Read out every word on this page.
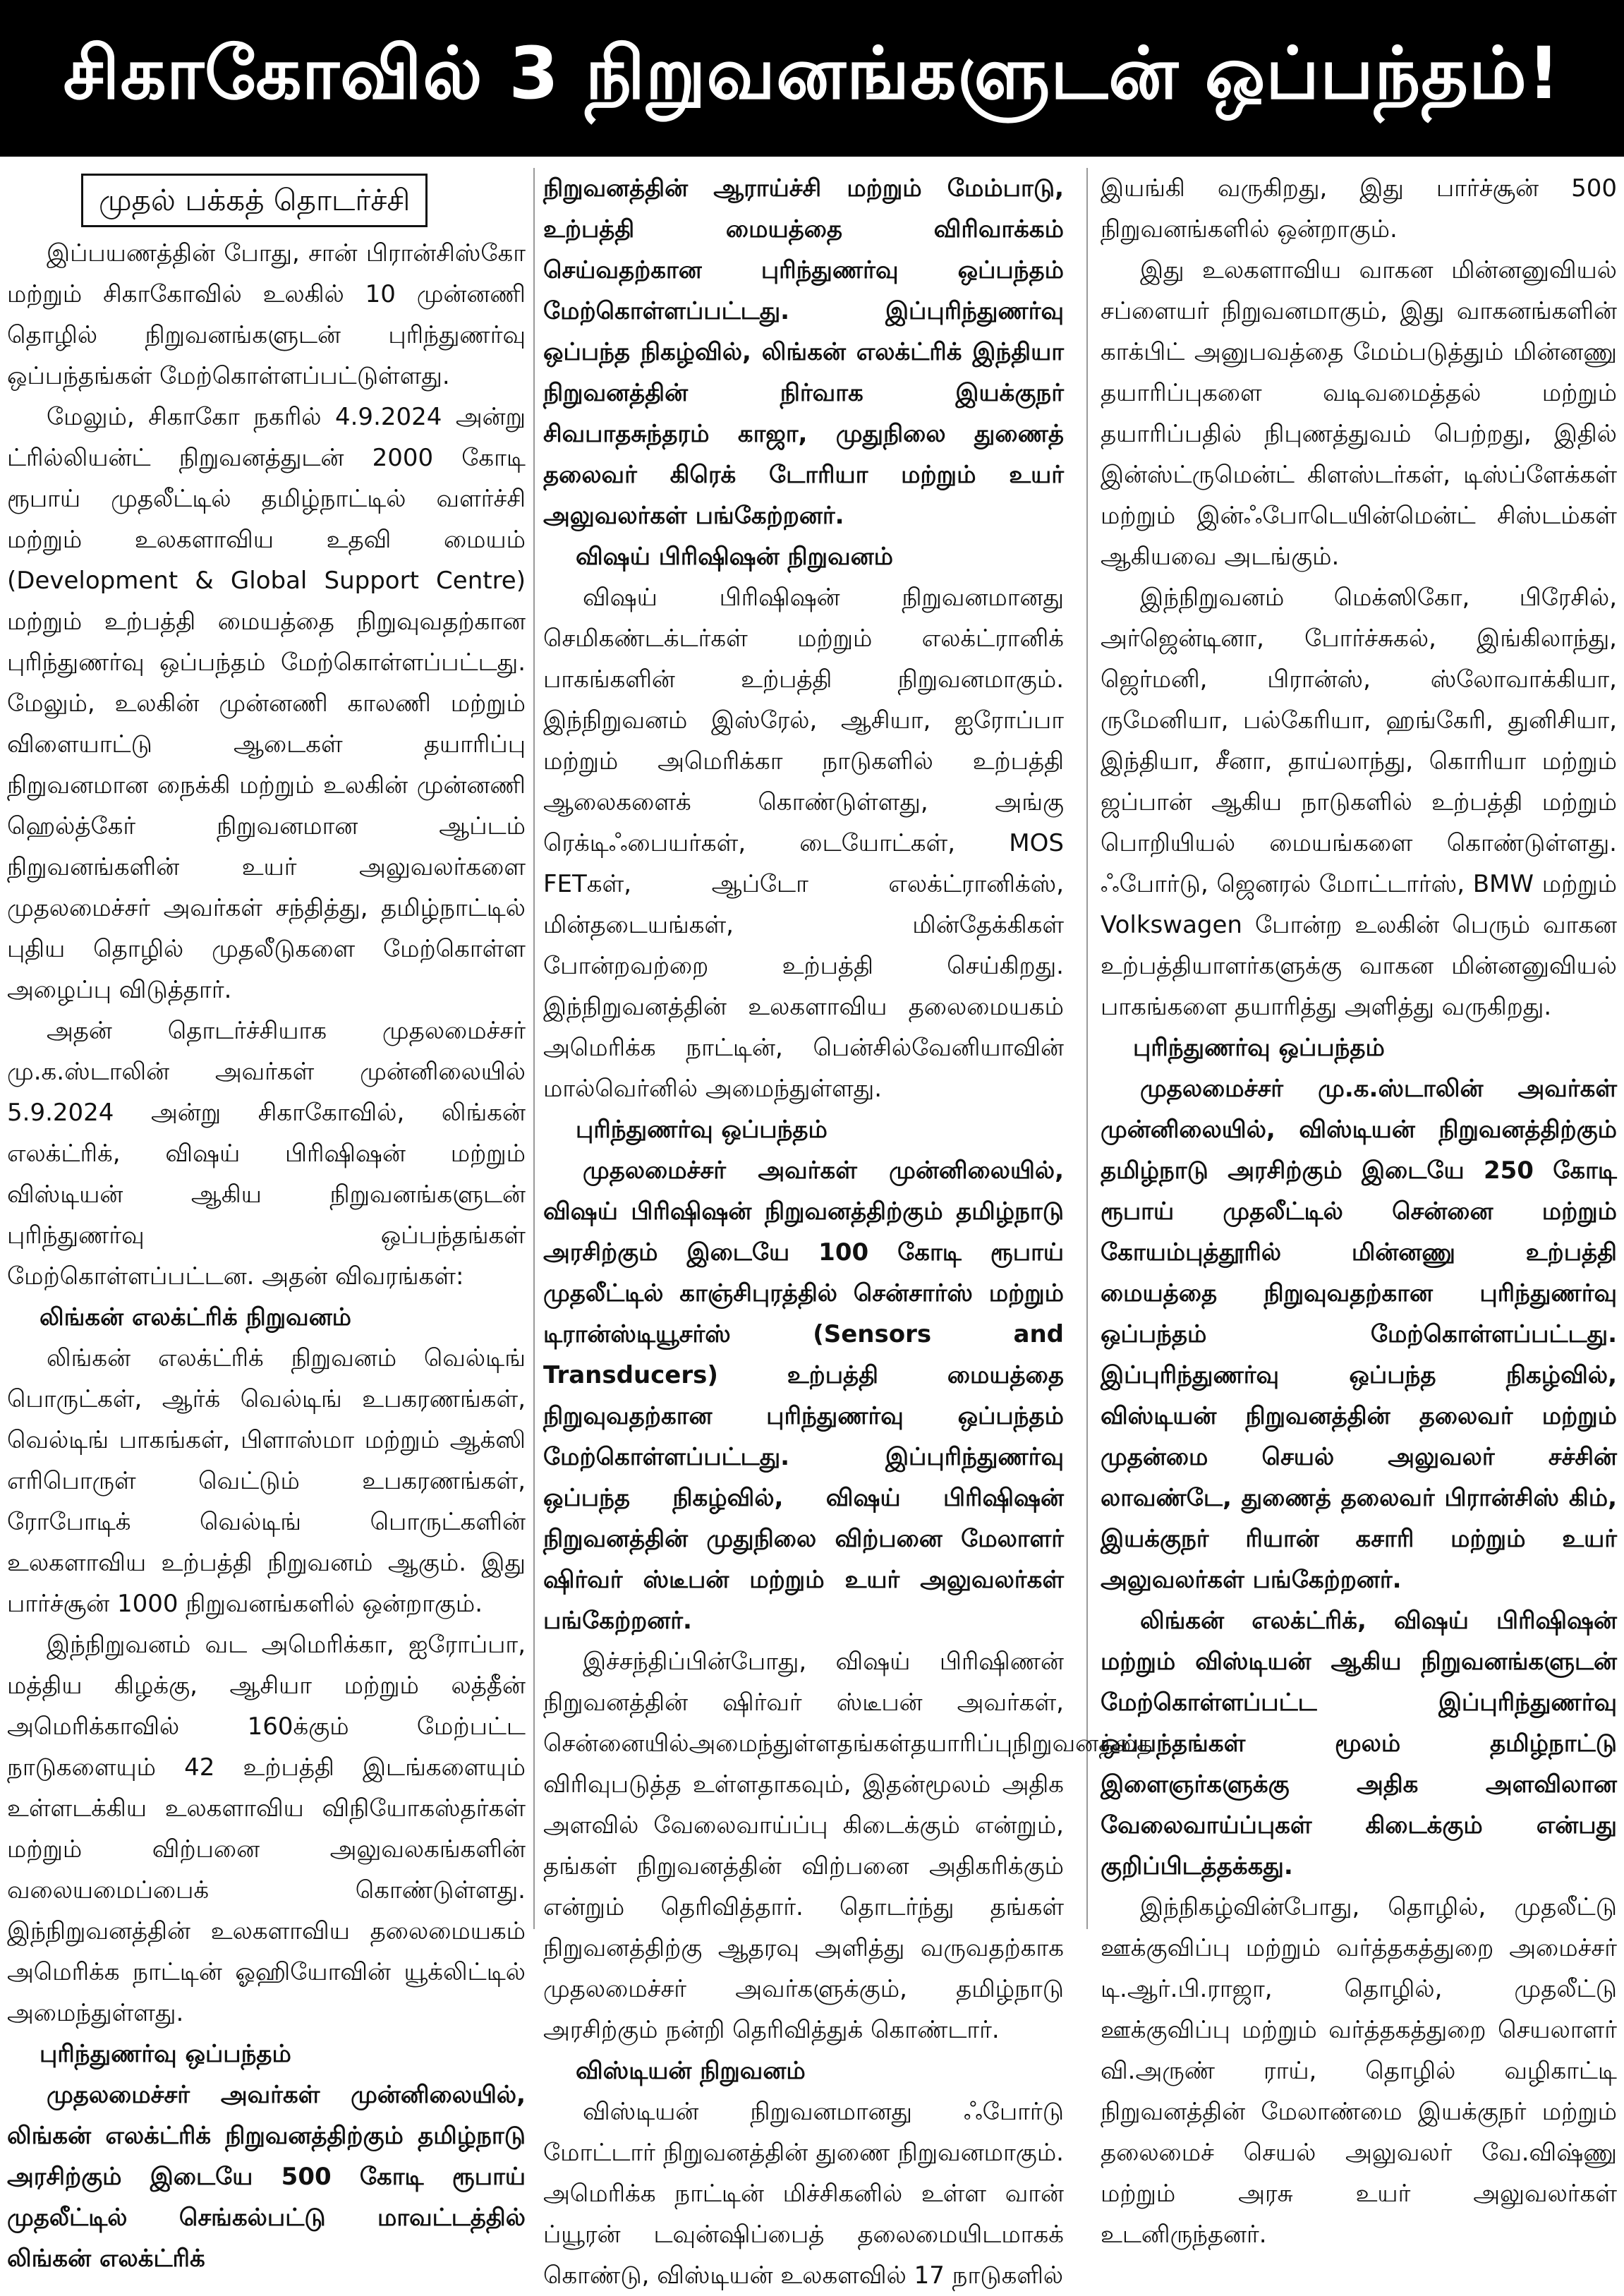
சிகாகோவில் 3 நிறுவனங்களுடன் ஒப்பந்தம்!
முதல் பக்கத் தொடர்ச்சி

இப்பயணத்தின் போது, சான் பிரான்சிஸ்கோ மற்றும் சிகாகோவில் உலகில் 10 முன்னணி தொழில் நிறுவனங்களுடன் புரிந்துணர்வு ஒப்பந்தங்கள் மேற்கொள்ளப்பட்டுள்ளது.

மேலும், சிகாகோ நகரில் 4.9.2024 அன்று ட்ரில்லியன்ட் நிறுவனத்துடன் 2000 கோடி ரூபாய் முதலீட்டில் தமிழ்நாட்டில் வளர்ச்சி மற்றும் உலகளாவிய உதவி மையம் (Development & Global Support Centre) மற்றும் உற்பத்தி மையத்தை நிறுவுவதற்கான புரிந்துணர்வு ஒப்பந்தம் மேற்கொள்ளப்பட்டது. மேலும், உலகின் முன்னணி காலணி மற்றும் விளையாட்டு ஆடைகள் தயாரிப்பு நிறுவனமான நைக்கி மற்றும் உலகின் முன்னணி ஹெல்த்கேர் நிறுவனமான ஆப்டம் நிறுவனங்களின் உயர் அலுவலர்களை முதலமைச்சர் அவர்கள் சந்தித்து, தமிழ்நாட்டில் புதிய தொழில் முதலீடுகளை மேற்கொள்ள அழைப்பு விடுத்தார்.

அதன் தொடர்ச்சியாக முதலமைச்சர் மு.க.ஸ்டாலின் அவர்கள் முன்னிலையில் 5.9.2024 அன்று சிகாகோவில், லிங்கன் எலக்ட்ரிக், விஷய் பிரிஷிஷன் மற்றும் விஸ்டியன் ஆகிய நிறுவனங்களுடன் புரிந்துணர்வு ஒப்பந்தங்கள் மேற்கொள்ளப்பட்டன. அதன் விவரங்கள்:

லிங்கன் எலக்ட்ரிக் நிறுவனம்

லிங்கன் எலக்ட்ரிக் நிறுவனம் வெல்டிங் பொருட்கள், ஆர்க் வெல்டிங் உபகரணங்கள், வெல்டிங் பாகங்கள், பிளாஸ்மா மற்றும் ஆக்ஸி எரிபொருள் வெட்டும் உபகரணங்கள், ரோபோடிக் வெல்டிங் பொருட்களின் உலகளாவிய உற்பத்தி நிறுவனம் ஆகும். இது பார்ச்சூன் 1000 நிறுவனங்களில் ஒன்றாகும்.

இந்நிறுவனம் வட அமெரிக்கா, ஐரோப்பா, மத்திய கிழக்கு, ஆசியா மற்றும் லத்தீன் அமெரிக்காவில் 160க்கும் மேற்பட்ட நாடுகளையும் 42 உற்பத்தி இடங்களையும் உள்ளடக்கிய உலகளாவிய விநியோகஸ்தர்கள் மற்றும் விற்பனை அலுவலகங்களின் வலையமைப்பைக் கொண்டுள்ளது. இந்நிறுவனத்தின் உலகளாவிய தலைமையகம் அமெரிக்க நாட்டின் ஓஹியோவின் யூக்லிட்டில் அமைந்துள்ளது.

புரிந்துணர்வு ஒப்பந்தம்

முதலமைச்சர் அவர்கள் முன்னிலையில், லிங்கன் எலக்ட்ரிக் நிறுவனத்திற்கும் தமிழ்நாடு அரசிற்கும் இடையே 500 கோடி ரூபாய் முதலீட்டில் செங்கல்பட்டு மாவட்டத்தில் லிங்கன் எலக்ட்ரிக்

நிறுவனத்தின் ஆராய்ச்சி மற்றும் மேம்பாடு, உற்பத்தி மையத்தை விரிவாக்கம் செய்வதற்கான புரிந்துணர்வு ஒப்பந்தம் மேற்கொள்ளப்பட்டது. இப்புரிந்துணர்வு ஒப்பந்த நிகழ்வில், லிங்கன் எலக்ட்ரிக் இந்தியா நிறுவனத்தின் நிர்வாக இயக்குநர் சிவபாதசுந்தரம் காஜா, முதுநிலை துணைத் தலைவர் கிரெக் டோரியா மற்றும் உயர் அலுவலர்கள் பங்கேற்றனர்.

விஷய் பிரிஷிஷன் நிறுவனம்

விஷய் பிரிஷிஷன் நிறுவனமானது செமிகண்டக்டர்கள் மற்றும் எலக்ட்ரானிக் பாகங்களின் உற்பத்தி நிறுவனமாகும். இந்நிறுவனம் இஸ்ரேல், ஆசியா, ஐரோப்பா மற்றும் அமெரிக்கா நாடுகளில் உற்பத்தி ஆலைகளைக் கொண்டுள்ளது, அங்கு ரெக்டிஃபையர்கள், டையோட்கள், MOS FETகள், ஆப்டோ எலக்ட்ரானிக்ஸ், மின்தடையங்கள், மின்தேக்கிகள் போன்றவற்றை உற்பத்தி செய்கிறது. இந்நிறுவனத்தின் உலகளாவிய தலைமையகம் அமெரிக்க நாட்டின், பென்சில்வேனியாவின் மால்வெர்னில் அமைந்துள்ளது.

புரிந்துணர்வு ஒப்பந்தம்

முதலமைச்சர் அவர்கள் முன்னிலையில், விஷய் பிரிஷிஷன் நிறுவனத்திற்கும் தமிழ்நாடு அரசிற்கும் இடையே 100 கோடி ரூபாய் முதலீட்டில் காஞ்சிபுரத்தில் சென்சார்ஸ் மற்றும் டிரான்ஸ்டியூசர்ஸ் (Sensors and Transducers) உற்பத்தி மையத்தை நிறுவுவதற்கான புரிந்துணர்வு ஒப்பந்தம் மேற்கொள்ளப்பட்டது. இப்புரிந்துணர்வு ஒப்பந்த நிகழ்வில், விஷய் பிரிஷிஷன் நிறுவனத்தின் முதுநிலை விற்பனை மேலாளர் ஷிர்வர் ஸ்டீபன் மற்றும் உயர் அலுவலர்கள் பங்கேற்றனர்.

இச்சந்திப்பின்போது, விஷய் பிரிஷிணன் நிறுவனத்தின் ஷிர்வர் ஸ்டீபன் அவர்கள், சென்னையில்அமைந்துள்ளதங்கள்தயாரிப்புநிறுவனத்தை விரிவுபடுத்த உள்ளதாகவும், இதன்மூலம் அதிக அளவில் வேலைவாய்ப்பு கிடைக்கும் என்றும், தங்கள் நிறுவனத்தின் விற்பனை அதிகரிக்கும் என்றும் தெரிவித்தார். தொடர்ந்து தங்கள் நிறுவனத்திற்கு ஆதரவு அளித்து வருவதற்காக முதலமைச்சர் அவர்களுக்கும், தமிழ்நாடு அரசிற்கும் நன்றி தெரிவித்துக் கொண்டார்.

விஸ்டியன் நிறுவனம்

விஸ்டியன் நிறுவனமானது ஃபோர்டு மோட்டார் நிறுவனத்தின் துணை நிறுவனமாகும். அமெரிக்க நாட்டின் மிச்சிகனில் உள்ள வான் ப்யூரன் டவுன்ஷிப்பைத் தலைமையிடமாகக் கொண்டு, விஸ்டியன் உலகளவில் 17 நாடுகளில்

இயங்கி வருகிறது, இது பார்ச்சூன் 500 நிறுவனங்களில் ஒன்றாகும்.

இது உலகளாவிய வாகன மின்னனுவியல் சப்ளையர் நிறுவனமாகும், இது வாகனங்களின் காக்பிட் அனுபவத்தை மேம்படுத்தும் மின்னணு தயாரிப்புகளை வடிவமைத்தல் மற்றும் தயாரிப்பதில் நிபுணத்துவம் பெற்றது, இதில் இன்ஸ்ட்ருமென்ட் கிளஸ்டர்கள், டிஸ்ப்ளேக்கள் மற்றும் இன்ஃபோடெயின்மென்ட் சிஸ்டம்கள் ஆகியவை அடங்கும்.

இந்நிறுவனம் மெக்ஸிகோ, பிரேசில், அர்ஜென்டினா, போர்ச்சுகல், இங்கிலாந்து, ஜெர்மனி, பிரான்ஸ், ஸ்லோவாக்கியா, ருமேனியா, பல்கேரியா, ஹங்கேரி, துனிசியா, இந்தியா, சீனா, தாய்லாந்து, கொரியா மற்றும் ஜப்பான் ஆகிய நாடுகளில் உற்பத்தி மற்றும் பொறியியல் மையங்களை கொண்டுள்ளது. ஃபோர்டு, ஜெனரல் மோட்டார்ஸ், BMW மற்றும் Volkswagen போன்ற உலகின் பெரும் வாகன உற்பத்தியாளர்களுக்கு வாகன மின்னனுவியல் பாகங்களை தயாரித்து அளித்து வருகிறது.

புரிந்துணர்வு ஒப்பந்தம்

முதலமைச்சர் மு.க.ஸ்டாலின் அவர்கள் முன்னிலையில், விஸ்டியன் நிறுவனத்திற்கும் தமிழ்நாடு அரசிற்கும் இடையே 250 கோடி ரூபாய் முதலீட்டில் சென்னை மற்றும் கோயம்புத்தூரில் மின்னணு உற்பத்தி மையத்தை நிறுவுவதற்கான புரிந்துணர்வு ஒப்பந்தம் மேற்கொள்ளப்பட்டது. இப்புரிந்துணர்வு ஒப்பந்த நிகழ்வில், விஸ்டியன் நிறுவனத்தின் தலைவர் மற்றும் முதன்மை செயல் அலுவலர் சச்சின் லாவண்டே, துணைத் தலைவர் பிரான்சிஸ் கிம், இயக்குநர் ரியான் கசாரி மற்றும் உயர் அலுவலர்கள் பங்கேற்றனர்.

லிங்கன் எலக்ட்ரிக், விஷய் பிரிஷிஷன் மற்றும் விஸ்டியன் ஆகிய நிறுவனங்களுடன் மேற்கொள்ளப்பட்ட இப்புரிந்துணர்வு ஒப்பந்தங்கள் மூலம் தமிழ்நாட்டு இளைஞர்களுக்கு அதிக அளவிலான வேலைவாய்ப்புகள் கிடைக்கும் என்பது குறிப்பிடத்தக்கது.

இந்நிகழ்வின்போது, தொழில், முதலீட்டு ஊக்குவிப்பு மற்றும் வர்த்தகத்துறை அமைச்சர் டி.ஆர்.பி.ராஜா, தொழில், முதலீட்டு ஊக்குவிப்பு மற்றும் வர்த்தகத்துறை செயலாளர் வி.அருண் ராய், தொழில் வழிகாட்டி நிறுவனத்தின் மேலாண்மை இயக்குநர் மற்றும் தலைமைச் செயல் அலுவலர் வே.விஷ்ணு மற்றும் அரசு உயர் அலுவலர்கள் உடனிருந்தனர்.
